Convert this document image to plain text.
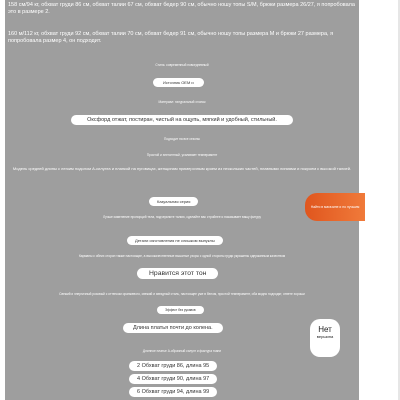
158 см/94 кг, обхват груди 86 см, обхват талии 67 см, обхват бедер 90 см, обычно ношу топы S/M, брюки размера 26/27, я попробовала это в размере 2.
160 м/112 кг, обхват груди 92 см, обхват талии 70 см, обхват бедер 91 см, обычно ношу топы размера М и брюки 27 размера, я попробовала размер 4, он подходит.
Стиль: современный повседневный
Источник OEM и
Материал: натуральный хлопок
Оксфорд отжат, постиран, чистый на ощупь, мягкий и удобный, стильный.
Подходит на все сезоны
Простой и элегантный, усиливает темперамент
Модель средней длины с легким подолом А-силуэта и планкой на пуговицах, женщинам примерочным кроем из нескольких частей, плавными линиями и покроем с высокой талией.
Казуальная серия
Лучше изменение пропорций тела, подчеркните талию, сделайте вас стройнее и показывает вашу фигуру
Детали изготовления не слишком выпуклы
Карманы с обеих сторон также настоящие, а высокачественные вышитые узоры с одной стороны груди украшены сдержанным качеством
Нравится этот тон
Свежий и энергичный розовый с оттенком оранжевого, свежий и звездный стиль, настоящее уже в белом, простой темперамент, оба модно подходят, ответе хороши
Эффект без рукавов
Длина платья почти до колена.
Длинное платье А-образный силуэт и фактура ткани
2 Обхват груди 86, длина 95
4 Обхват груди 90, длина 97
6 Обхват груди 94, длина 99
Найти в магазине и по лучшим
Нет
вершина
